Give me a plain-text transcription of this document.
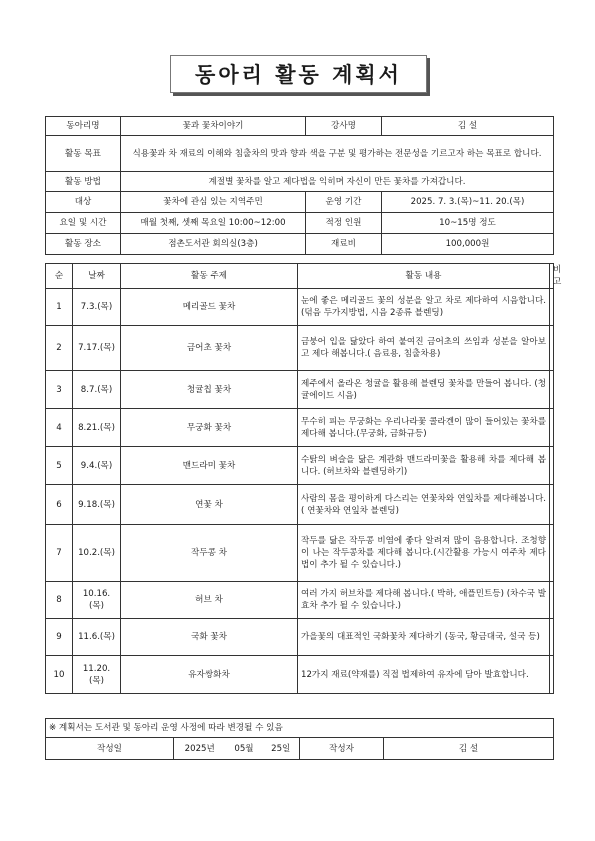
동아리 활동 계획서
동아리명	꽃과 꽃차이야기	강사명	김 설
활동 목표	식용꽃과 차 재료의 이해와 침출차의 맛과 향과 색을 구분 및 평가하는 전문성을 기르고자 하는 목표로 합니다.		
활동 방법	계절별 꽃차를 알고 제다법을 익히며 자신이 만든 꽃차를 가져갑니다.		
대상	꽃차에 관심 있는 지역주민	운영 기간	2025. 7. 3.(목)~11. 20.(목)
요일 및 시간	매월 첫째, 셋째 목요일 10:00~12:00	적정 인원	10~15명 정도
활동 장소	점촌도서관 회의실(3층)	재료비	100,000원
순	날짜	활동 주제	활동 내용	비고
1	7.3.(목)	메리골드 꽃차	눈에 좋은 메리골드 꽃의 성분을 알고 차로 제다하여 시음합니다. (덖음 두가지방법, 시음 2종류 블렌딩)	
2	7.17.(목)	금어초 꽃차	금붕어 입을 닮았다 하여 붙여진 금어초의 쓰임과 성분을 알아보고 제다 해봅니다.( 음료용, 침출차용)	
3	8.7.(목)	청귤칩 꽃차	제주에서 올라온 청귤을 활용해 블렌딩 꽃차를 만들어 봅니다. (청귤에이드 시음)	
4	8.21.(목)	무궁화 꽃차	무수히 피는 무궁화는 우리나라꽃 콜라겐이 많이 들어있는 꽃차를 제다해 봅니다.(무궁화, 금화규등)	
5	9.4.(목)	맨드라미 꽃차	수탉의 벼슬을 닮은 계관화 맨드라미꽃을 활용해 차를 제다해 봅니다. (허브차와 블렌딩하기)	
6	9.18.(목)	연꽃 차	사람의 몸을 평이하게 다스리는 연꽃차와 연잎차를 제다해봅니다.( 연꽃차와 연잎차 블렌딩)	
7	10.2.(목)	작두콩 차	작두를 닮은 작두콩 비염에 좋다 알려져 많이 음용합니다. 조청향이 나는 작두콩차를 제다해 봅니다.(시간활용 가능시 여주차 제다법이 추가 될 수 있습니다.)	
8	10.16.(목)	허브 차	여러 가지 허브차를 제다해 봅니다.( 박하, 애플민트등) (차수국 발효차 추가 될 수 있습니다.)	
9	11.6.(목)	국화 꽃차	가을꽃의 대표적인 국화꽃차 제다하기 (동국, 황금대국, 설국 등)	
10	11.20.(목)	유자쌍화차	12가지 재료(약재를) 직접 법제하여 유자에 담아 발효합니다.	
※ 계획서는 도서관 및 동아리 운영 사정에 따라 변경될 수 있음
작성일	2025년	05월	25일	작성자	김 설
